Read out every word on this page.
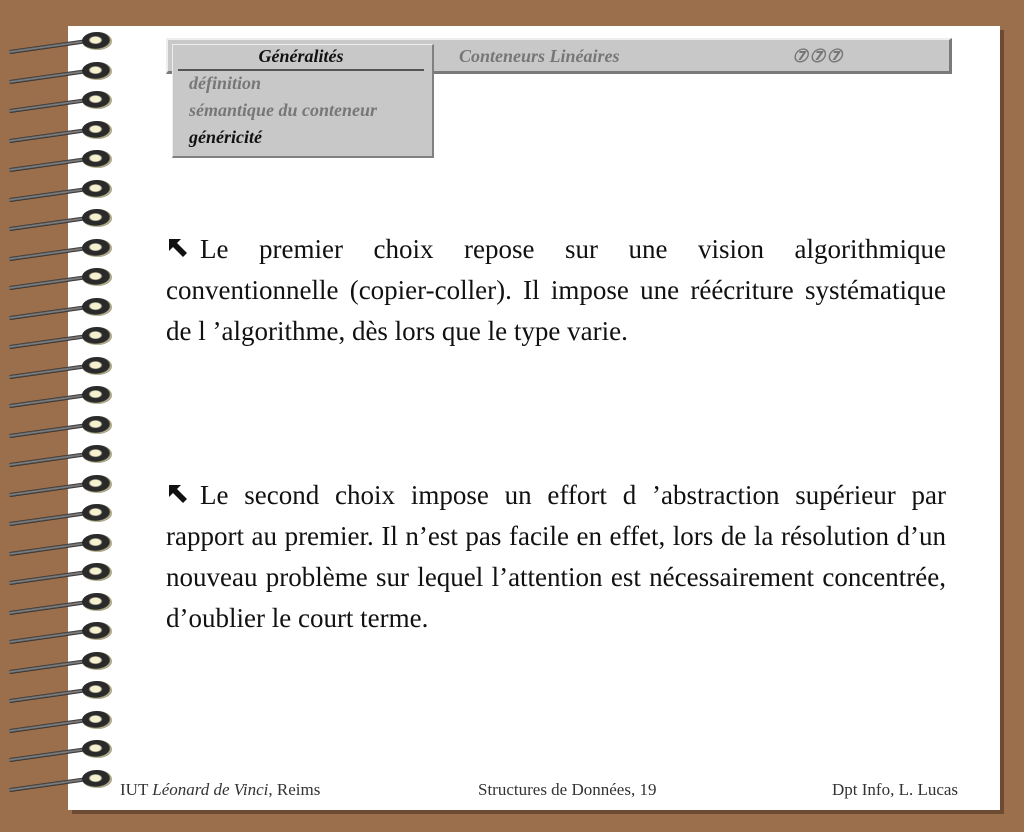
Généralités	Conteneurs Linéaires	⑦⑦⑦
définition
sémantique du conteneur
généricité
Le premier choix repose sur une vision algorithmique conventionnelle (copier-coller). Il impose une réécriture systématique de l ’algorithme, dès lors que le type varie.
Le second choix impose un effort d ’abstraction supérieur par rapport au premier. Il n’est pas facile en effet, lors de la résolution d’un nouveau problème sur lequel l’attention est nécessairement concentrée, d’oublier le court terme.
IUT Léonard de Vinci, Reims	Structures de Données, 19	Dpt Info, L. Lucas
